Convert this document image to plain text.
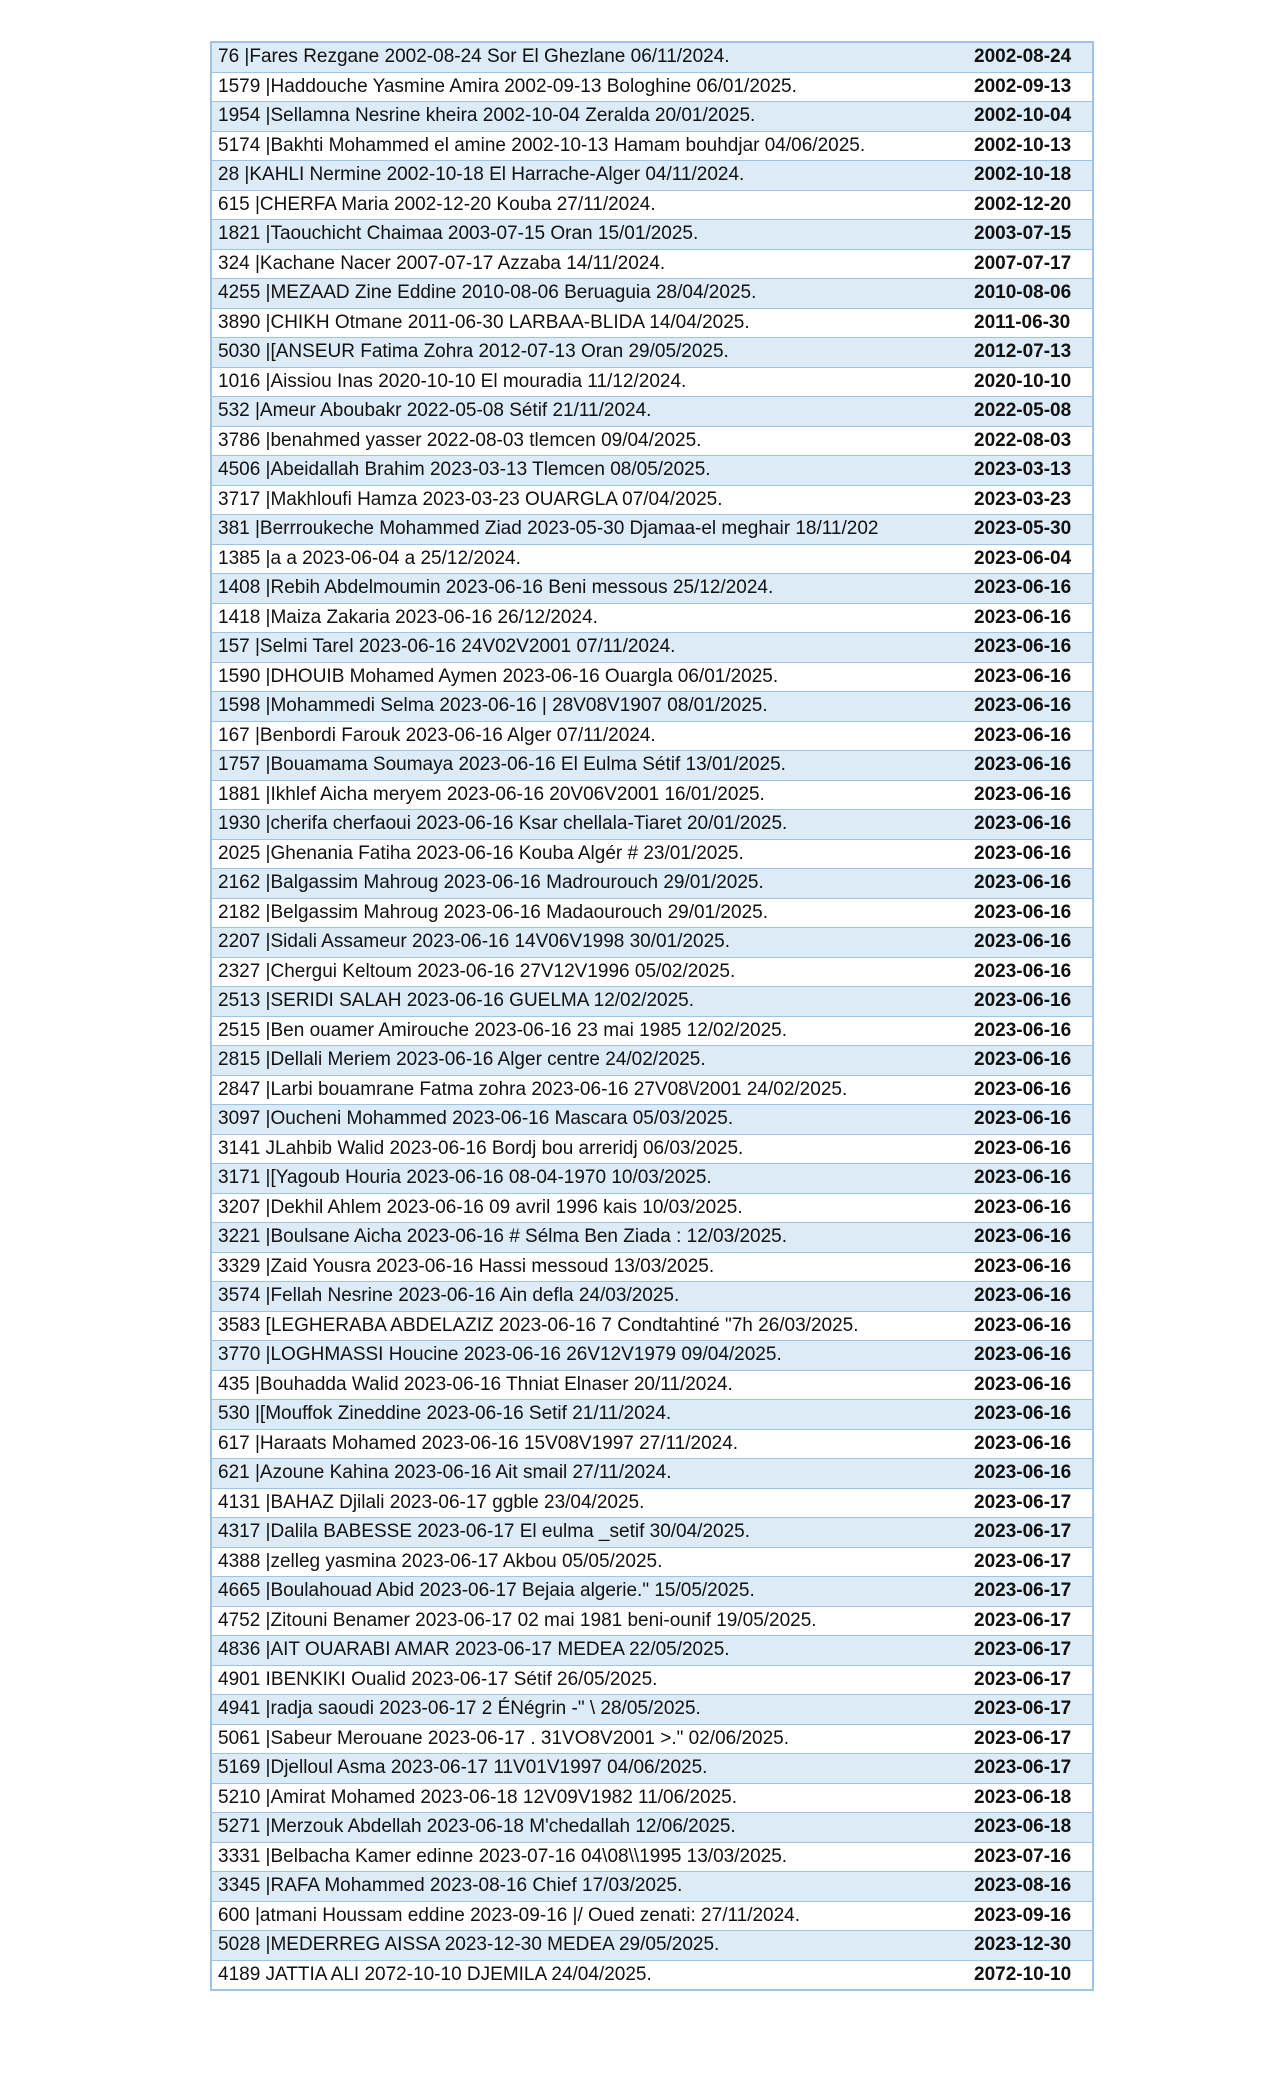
76 |Fares Rezgane 2002-08-24 Sor El Ghezlane 06/11/2024.	2002-08-24
1579 |Haddouche Yasmine Amira 2002-09-13 Bologhine 06/01/2025.	2002-09-13
1954 |Sellamna Nesrine kheira 2002-10-04 Zeralda 20/01/2025.	2002-10-04
5174 |Bakhti Mohammed el amine 2002-10-13 Hamam bouhdjar 04/06/2025.	2002-10-13
28 |KAHLI Nermine 2002-10-18 El Harrache-Alger 04/11/2024.	2002-10-18
615 |CHERFA Maria 2002-12-20 Kouba 27/11/2024.	2002-12-20
1821 |Taouchicht Chaimaa 2003-07-15 Oran 15/01/2025.	2003-07-15
324 |Kachane Nacer 2007-07-17 Azzaba 14/11/2024.	2007-07-17
4255 |MEZAAD Zine Eddine 2010-08-06 Beruaguia 28/04/2025.	2010-08-06
3890 |CHIKH Otmane 2011-06-30 LARBAA-BLIDA 14/04/2025.	2011-06-30
5030 |[ANSEUR Fatima Zohra 2012-07-13 Oran 29/05/2025.	2012-07-13
1016 |Aissiou Inas 2020-10-10 El mouradia 11/12/2024.	2020-10-10
532 |Ameur Aboubakr 2022-05-08 Sétif 21/11/2024.	2022-05-08
3786 |benahmed yasser 2022-08-03 tlemcen 09/04/2025.	2022-08-03
4506 |Abeidallah Brahim 2023-03-13 Tlemcen 08/05/2025.	2023-03-13
3717 |Makhloufi Hamza 2023-03-23 OUARGLA 07/04/2025.	2023-03-23
381 |Berrroukeche Mohammed Ziad 2023-05-30 Djamaa-el meghair 18/11/202	2023-05-30
1385 |a a 2023-06-04 a 25/12/2024.	2023-06-04
1408 |Rebih Abdelmoumin 2023-06-16 Beni messous 25/12/2024.	2023-06-16
1418 |Maiza Zakaria 2023-06-16 26/12/2024.	2023-06-16
157 |Selmi Tarel 2023-06-16 24V02V2001 07/11/2024.	2023-06-16
1590 |DHOUIB Mohamed Aymen 2023-06-16 Ouargla 06/01/2025.	2023-06-16
1598 |Mohammedi Selma 2023-06-16 | 28V08V1907 08/01/2025.	2023-06-16
167 |Benbordi Farouk 2023-06-16 Alger 07/11/2024.	2023-06-16
1757 |Bouamama Soumaya 2023-06-16 El Eulma Sétif 13/01/2025.	2023-06-16
1881 |Ikhlef Aicha meryem 2023-06-16 20V06V2001 16/01/2025.	2023-06-16
1930 |cherifa cherfaoui 2023-06-16 Ksar chellala-Tiaret 20/01/2025.	2023-06-16
2025 |Ghenania Fatiha 2023-06-16 Kouba Algér # 23/01/2025.	2023-06-16
2162 |Balgassim Mahroug 2023-06-16 Madrourouch 29/01/2025.	2023-06-16
2182 |Belgassim Mahroug 2023-06-16 Madaourouch 29/01/2025.	2023-06-16
2207 |Sidali Assameur 2023-06-16 14V06V1998 30/01/2025.	2023-06-16
2327 |Chergui Keltoum 2023-06-16 27V12V1996 05/02/2025.	2023-06-16
2513 |SERIDI SALAH 2023-06-16 GUELMA 12/02/2025.	2023-06-16
2515 |Ben ouamer Amirouche 2023-06-16 23 mai 1985 12/02/2025.	2023-06-16
2815 |Dellali Meriem 2023-06-16 Alger centre 24/02/2025.	2023-06-16
2847 |Larbi bouamrane Fatma zohra 2023-06-16 27V08\/2001 24/02/2025.	2023-06-16
3097 |Oucheni Mohammed 2023-06-16 Mascara 05/03/2025.	2023-06-16
3141 JLahbib Walid 2023-06-16 Bordj bou arreridj 06/03/2025.	2023-06-16
3171 |[Yagoub Houria 2023-06-16 08-04-1970 10/03/2025.	2023-06-16
3207 |Dekhil Ahlem 2023-06-16 09 avril 1996 kais 10/03/2025.	2023-06-16
3221 |Boulsane Aicha 2023-06-16 # Sélma Ben Ziada : 12/03/2025.	2023-06-16
3329 |Zaid Yousra 2023-06-16 Hassi messoud 13/03/2025.	2023-06-16
3574 |Fellah Nesrine 2023-06-16 Ain defla 24/03/2025.	2023-06-16
3583 [LEGHERABA ABDELAZIZ 2023-06-16 7 Condtahtiné "7h 26/03/2025.	2023-06-16
3770 |LOGHMASSI Houcine 2023-06-16 26V12V1979 09/04/2025.	2023-06-16
435 |Bouhadda Walid 2023-06-16 Thniat Elnaser 20/11/2024.	2023-06-16
530 |[Mouffok Zineddine 2023-06-16 Setif 21/11/2024.	2023-06-16
617 |Haraats Mohamed 2023-06-16 15V08V1997 27/11/2024.	2023-06-16
621 |Azoune Kahina 2023-06-16 Ait smail 27/11/2024.	2023-06-16
4131 |BAHAZ Djilali 2023-06-17 ggble 23/04/2025.	2023-06-17
4317 |Dalila BABESSE 2023-06-17 El eulma _setif 30/04/2025.	2023-06-17
4388 |zelleg yasmina 2023-06-17 Akbou 05/05/2025.	2023-06-17
4665 |Boulahouad Abid 2023-06-17 Bejaia algerie." 15/05/2025.	2023-06-17
4752 |Zitouni Benamer 2023-06-17 02 mai 1981 beni-ounif 19/05/2025.	2023-06-17
4836 |AIT OUARABI AMAR 2023-06-17 MEDEA 22/05/2025.	2023-06-17
4901 IBENKIKI Oualid 2023-06-17 Sétif 26/05/2025.	2023-06-17
4941 |radja saoudi 2023-06-17 2 ÉNégrin -" \ 28/05/2025.	2023-06-17
5061 |Sabeur Merouane 2023-06-17 . 31VO8V2001 >." 02/06/2025.	2023-06-17
5169 |Djelloul Asma 2023-06-17 11V01V1997 04/06/2025.	2023-06-17
5210 |Amirat Mohamed 2023-06-18 12V09V1982 11/06/2025.	2023-06-18
5271 |Merzouk Abdellah 2023-06-18 M'chedallah 12/06/2025.	2023-06-18
3331 |Belbacha Kamer edinne 2023-07-16 04\08\\1995 13/03/2025.	2023-07-16
3345 |RAFA Mohammed 2023-08-16 Chief 17/03/2025.	2023-08-16
600 |atmani Houssam eddine 2023-09-16 |/ Oued zenati: 27/11/2024.	2023-09-16
5028 |MEDERREG AISSA 2023-12-30 MEDEA 29/05/2025.	2023-12-30
4189 JATTIA ALI 2072-10-10 DJEMILA 24/04/2025.	2072-10-10
